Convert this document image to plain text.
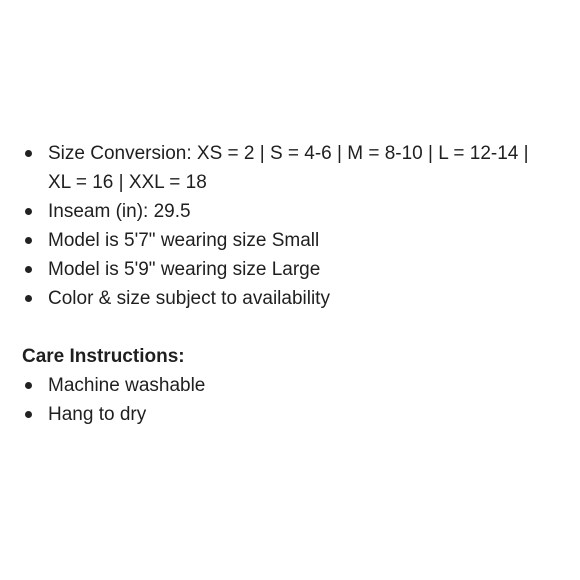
Size Conversion: XS = 2 | S = 4-6 | M = 8-10 | L = 12-14 | XL = 16 | XXL = 18
Inseam (in): 29.5
Model is 5'7" wearing size Small
Model is 5'9" wearing size Large
Color & size subject to availability
Care Instructions:
Machine washable
Hang to dry
